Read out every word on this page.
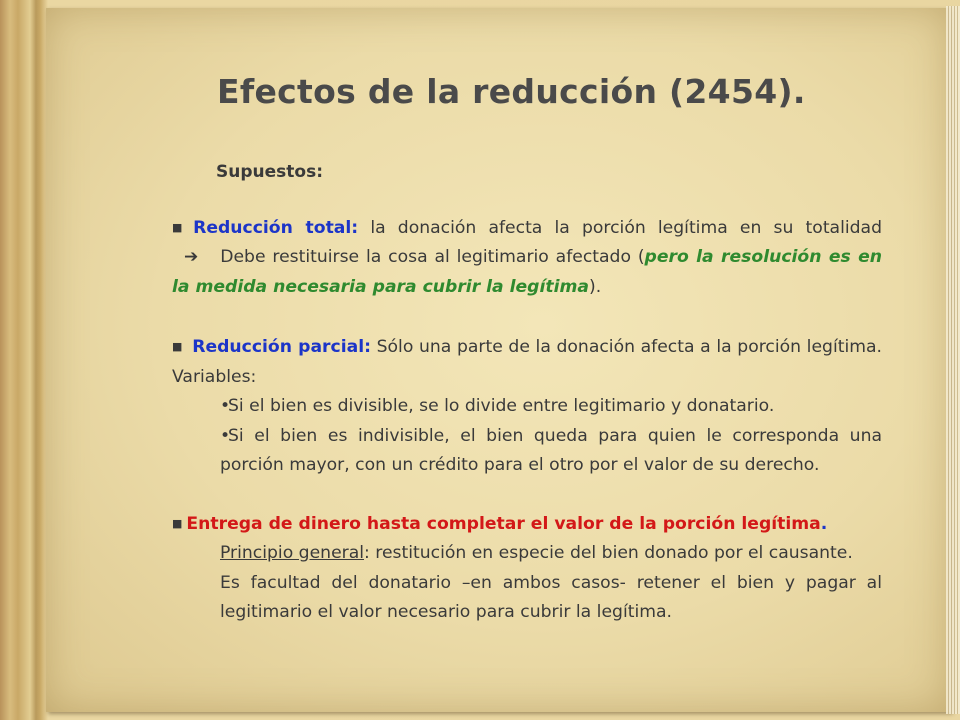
Efectos de la reducción (2454).
Supuestos:
■ Reducción total: la donación afecta la porción legítima en su totalidad ➔ Debe restituirse la cosa al legitimario afectado (pero la resolución es en la medida necesaria para cubrir la legítima).
■ Reducción parcial: Sólo una parte de la donación afecta a la porción legítima. Variables:
•Si el bien es divisible, se lo divide entre legitimario y donatario.
•Si el bien es indivisible, el bien queda para quien le corresponda una porción mayor, con un crédito para el otro por el valor de su derecho.
■ Entrega de dinero hasta completar el valor de la porción legítima.
Principio general: restitución en especie del bien donado por el causante.
Es facultad del donatario –en ambos casos- retener el bien y pagar al legitimario el valor necesario para cubrir la legítima.
